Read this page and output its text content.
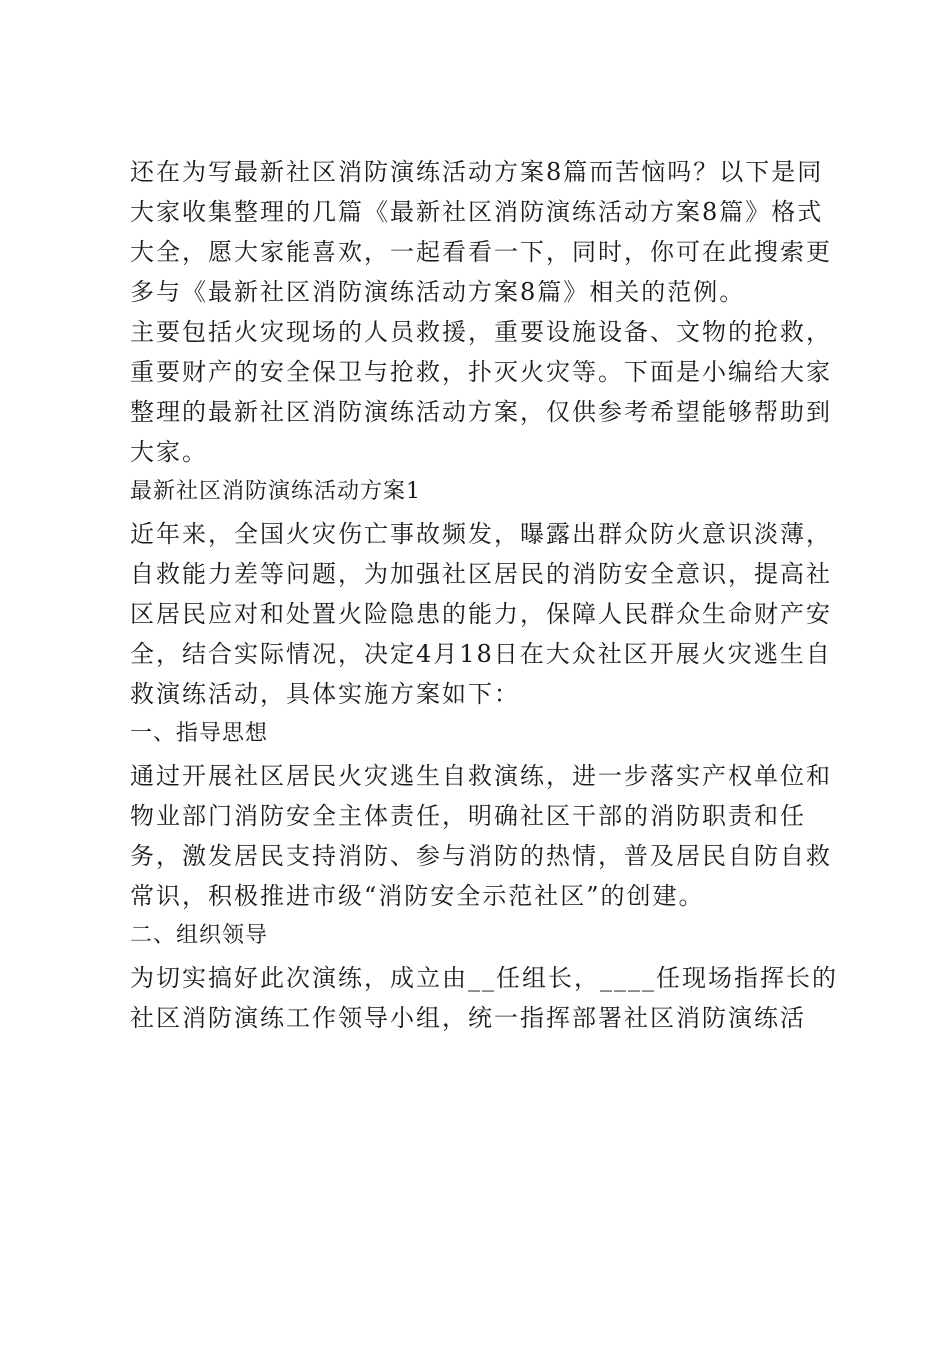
还在为写最新社区消防演练活动方案8篇而苦恼吗？以下是同
大家收集整理的几篇《最新社区消防演练活动方案8篇》格式
大全，愿大家能喜欢，一起看看一下，同时，你可在此搜索更
多与《最新社区消防演练活动方案8篇》相关的范例。

主要包括火灾现场的人员救援，重要设施设备、文物的抢救，
重要财产的安全保卫与抢救，扑灭火灾等。下面是小编给大家
整理的最新社区消防演练活动方案，仅供参考希望能够帮助到
大家。

最新社区消防演练活动方案1

近年来，全国火灾伤亡事故频发，曝露出群众防火意识淡薄，
自救能力差等问题，为加强社区居民的消防安全意识，提高社
区居民应对和处置火险隐患的能力，保障人民群众生命财产安
全，结合实际情况，决定4月18日在大众社区开展火灾逃生自
救演练活动，具体实施方案如下：

一、指导思想

通过开展社区居民火灾逃生自救演练，进一步落实产权单位和
物业部门消防安全主体责任，明确社区干部的消防职责和任
务，激发居民支持消防、参与消防的热情，普及居民自防自救
常识，积极推进市级“消防安全示范社区”的创建。

二、组织领导

为切实搞好此次演练，成立由__任组长，____任现场指挥长的
社区消防演练工作领导小组，统一指挥部署社区消防演练活
